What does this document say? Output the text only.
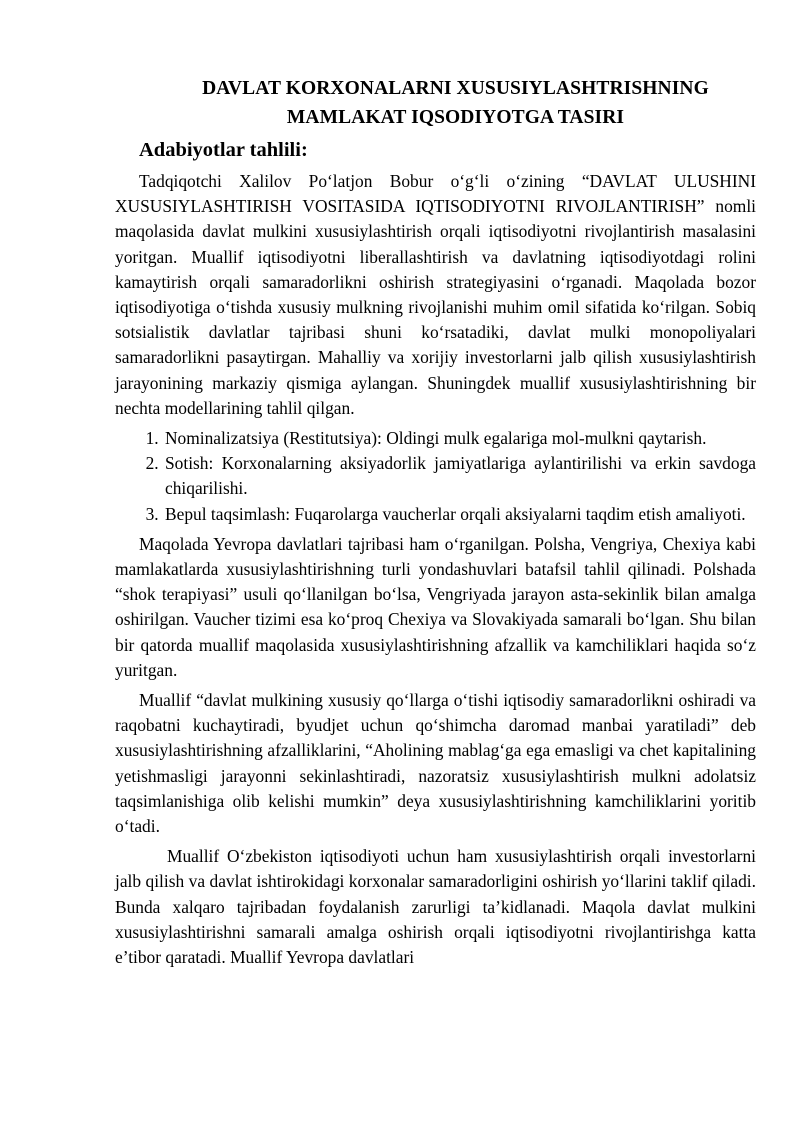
DAVLAT KORXONALARNI XUSUSIYLASHTRISHNING
MAMLAKAT IQSODIYOTGA TASIRI
Adabiyotlar tahlili:

Tadqiqotchi Xalilov Po‘latjon Bobur o‘g‘li o‘zining “DAVLAT ULUSHINI XUSUSIYLASHTIRISH VOSITASIDA IQTISODIYOTNI RIVOJLANTIRISH” nomli maqolasida davlat mulkini xususiylashtirish orqali iqtisodiyotni rivojlantirish masalasini yoritgan. Muallif iqtisodiyotni liberallashtirish va davlatning iqtisodiyotdagi rolini kamaytirish orqali samaradorlikni oshirish strategiyasini o‘rganadi. Maqolada bozor iqtisodiyotiga o‘tishda xususiy mulkning rivojlanishi muhim omil sifatida ko‘rilgan. Sobiq sotsialistik davlatlar tajribasi shuni ko‘rsatadiki, davlat mulki monopoliyalari samaradorlikni pasaytirgan. Mahalliy va xorijiy investorlarni jalb qilish xususiylashtirish jarayonining markaziy qismiga aylangan. Shuningdek muallif xususiylashtirishning bir nechta modellarining tahlil qilgan.

1. Nominalizatsiya (Restitutsiya): Oldingi mulk egalariga mol-mulkni qaytarish.
2. Sotish: Korxonalarning aksiyadorlik jamiyatlariga aylantirilishi va erkin savdoga chiqarilishi.
3. Bepul taqsimlash: Fuqarolarga vaucherlar orqali aksiyalarni taqdim etish amaliyoti.

Maqolada Yevropa davlatlari tajribasi ham o‘rganilgan. Polsha, Vengriya, Chexiya kabi mamlakatlarda xususiylashtirishning turli yondashuvlari batafsil tahlil qilinadi. Polshada “shok terapiyasi” usuli qo‘llanilgan bo‘lsa, Vengriyada jarayon asta-sekinlik bilan amalga oshirilgan. Vaucher tizimi esa ko‘proq Chexiya va Slovakiyada samarali bo‘lgan. Shu bilan bir qatorda muallif maqolasida xususiylashtirishning afzallik va kamchiliklari haqida so‘z yuritgan.

Muallif “davlat mulkining xususiy qo‘llarga o‘tishi iqtisodiy samaradorlikni oshiradi va raqobatni kuchaytiradi, byudjet uchun qo‘shimcha daromad manbai yaratiladi” deb xususiylashtirishning afzalliklarini, “Aholining mablag‘ga ega emasligi va chet kapitalining yetishmasligi jarayonni sekinlashtiradi, nazoratsiz xususiylashtirish mulkni adolatsiz taqsimlanishiga olib kelishi mumkin” deya xususiylashtirishning kamchiliklarini yoritib o‘tadi.

Muallif O‘zbekiston iqtisodiyoti uchun ham xususiylashtirish orqali investorlarni jalb qilish va davlat ishtirokidagi korxonalar samaradorligini oshirish yo‘llarini taklif qiladi. Bunda xalqaro tajribadan foydalanish zarurligi ta’kidlanadi. Maqola davlat mulkini xususiylashtirishni samarali amalga oshirish orqali iqtisodiyotni rivojlantirishga katta e’tibor qaratadi. Muallif Yevropa davlatlari
